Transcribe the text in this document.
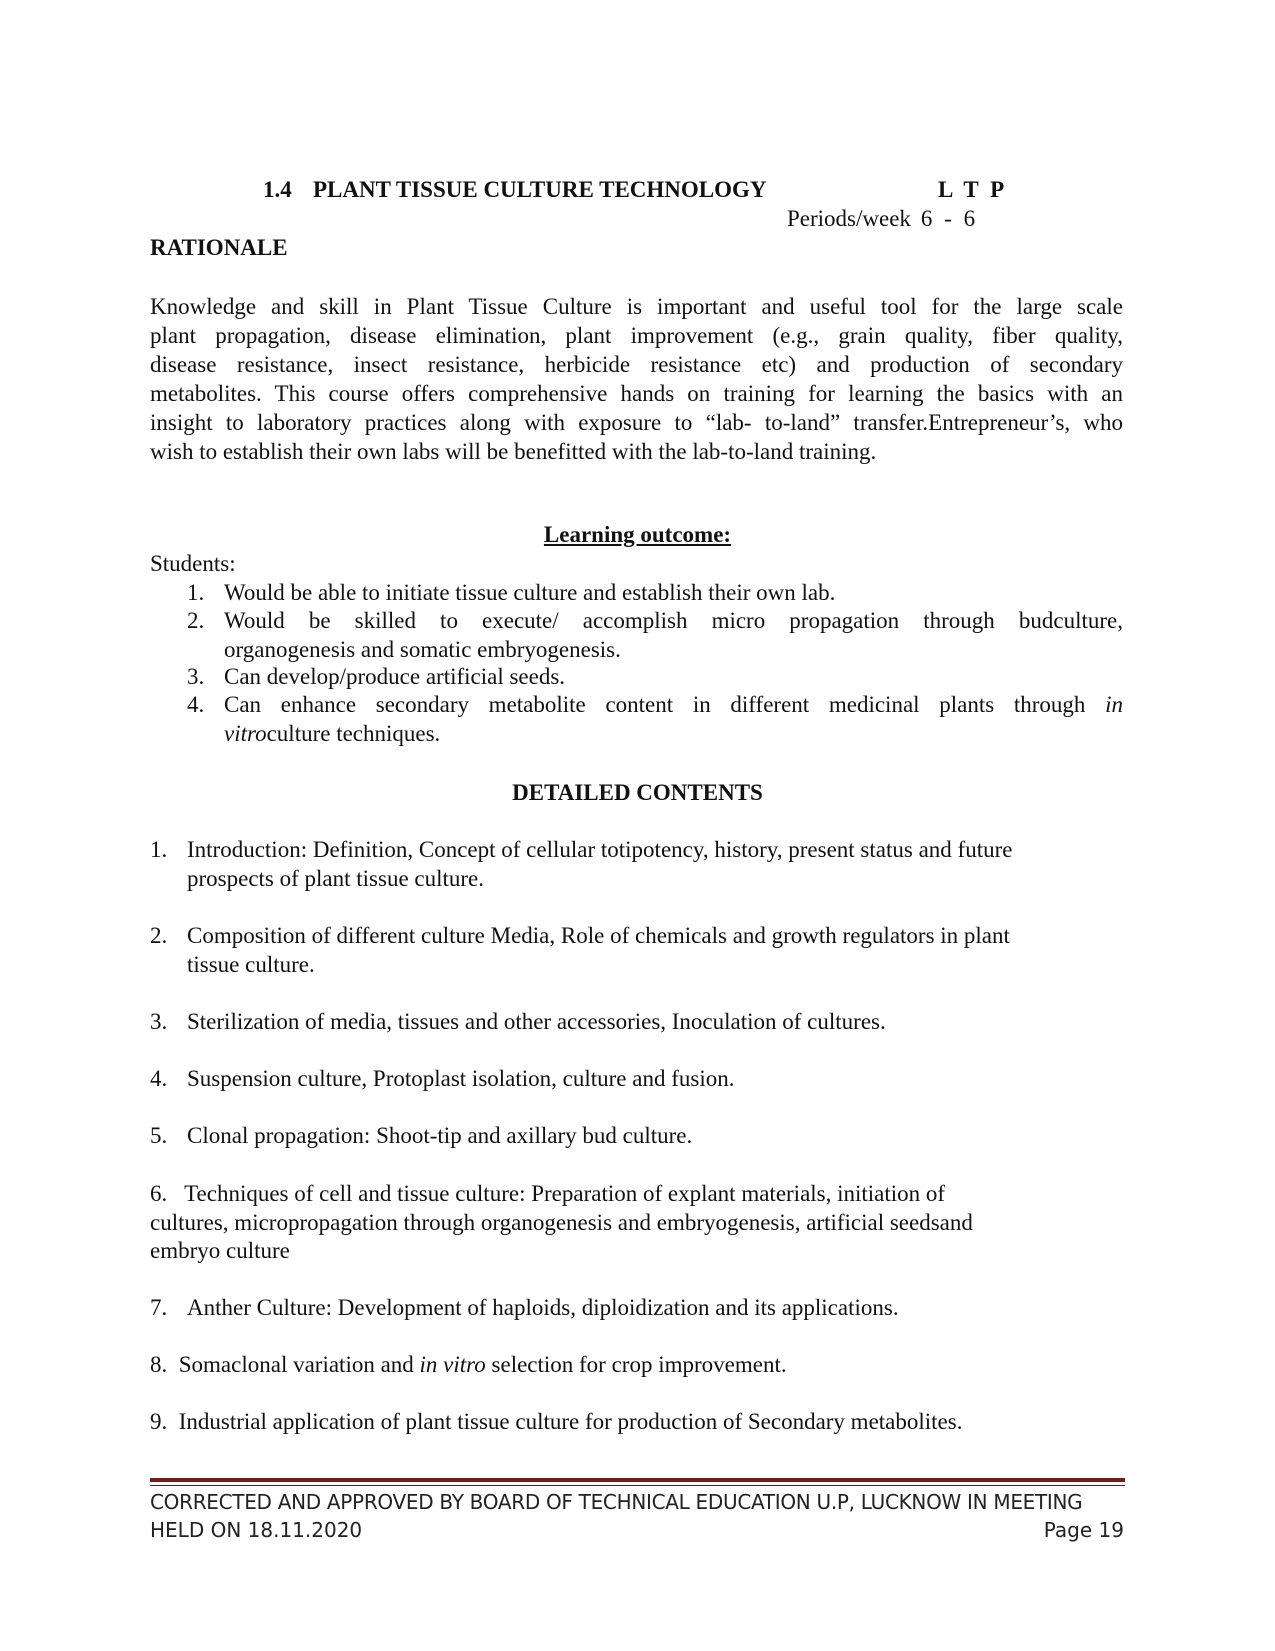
1.4 PLANT TISSUE CULTURE TECHNOLOGY	L T P
Periods/week 6 - 6
RATIONALE
Knowledge and skill in Plant Tissue Culture is important and useful tool for the large scale
plant propagation, disease elimination, plant improvement (e.g., grain quality, fiber quality,
disease resistance, insect resistance, herbicide resistance etc) and production of secondary
metabolites. This course offers comprehensive hands on training for learning the basics with an
insight to laboratory practices along with exposure to “lab- to-land” transfer.Entrepreneur’s, who
wish to establish their own labs will be benefitted with the lab-to-land training.
Learning outcome:
Students:
1. Would be able to initiate tissue culture and establish their own lab.
2. Would be skilled to execute/ accomplish micro propagation through budculture,
organogenesis and somatic embryogenesis.
3. Can develop/produce artificial seeds.
4. Can enhance secondary metabolite content in different medicinal plants through in
vitroculture techniques.
DETAILED CONTENTS
1. Introduction: Definition, Concept of cellular totipotency, history, present status and future
prospects of plant tissue culture.
2. Composition of different culture Media, Role of chemicals and growth regulators in plant
tissue culture.
3. Sterilization of media, tissues and other accessories, Inoculation of cultures.
4. Suspension culture, Protoplast isolation, culture and fusion.
5. Clonal propagation: Shoot-tip and axillary bud culture.
6. Techniques of cell and tissue culture: Preparation of explant materials, initiation of
cultures, micropropagation through organogenesis and embryogenesis, artificial seedsand
embryo culture
7. Anther Culture: Development of haploids, diploidization and its applications.
8. Somaclonal variation and in vitro selection for crop improvement.
9. Industrial application of plant tissue culture for production of Secondary metabolites.
CORRECTED AND APPROVED BY BOARD OF TECHNICAL EDUCATION U.P, LUCKNOW IN MEETING
HELD ON 18.11.2020	Page 19
